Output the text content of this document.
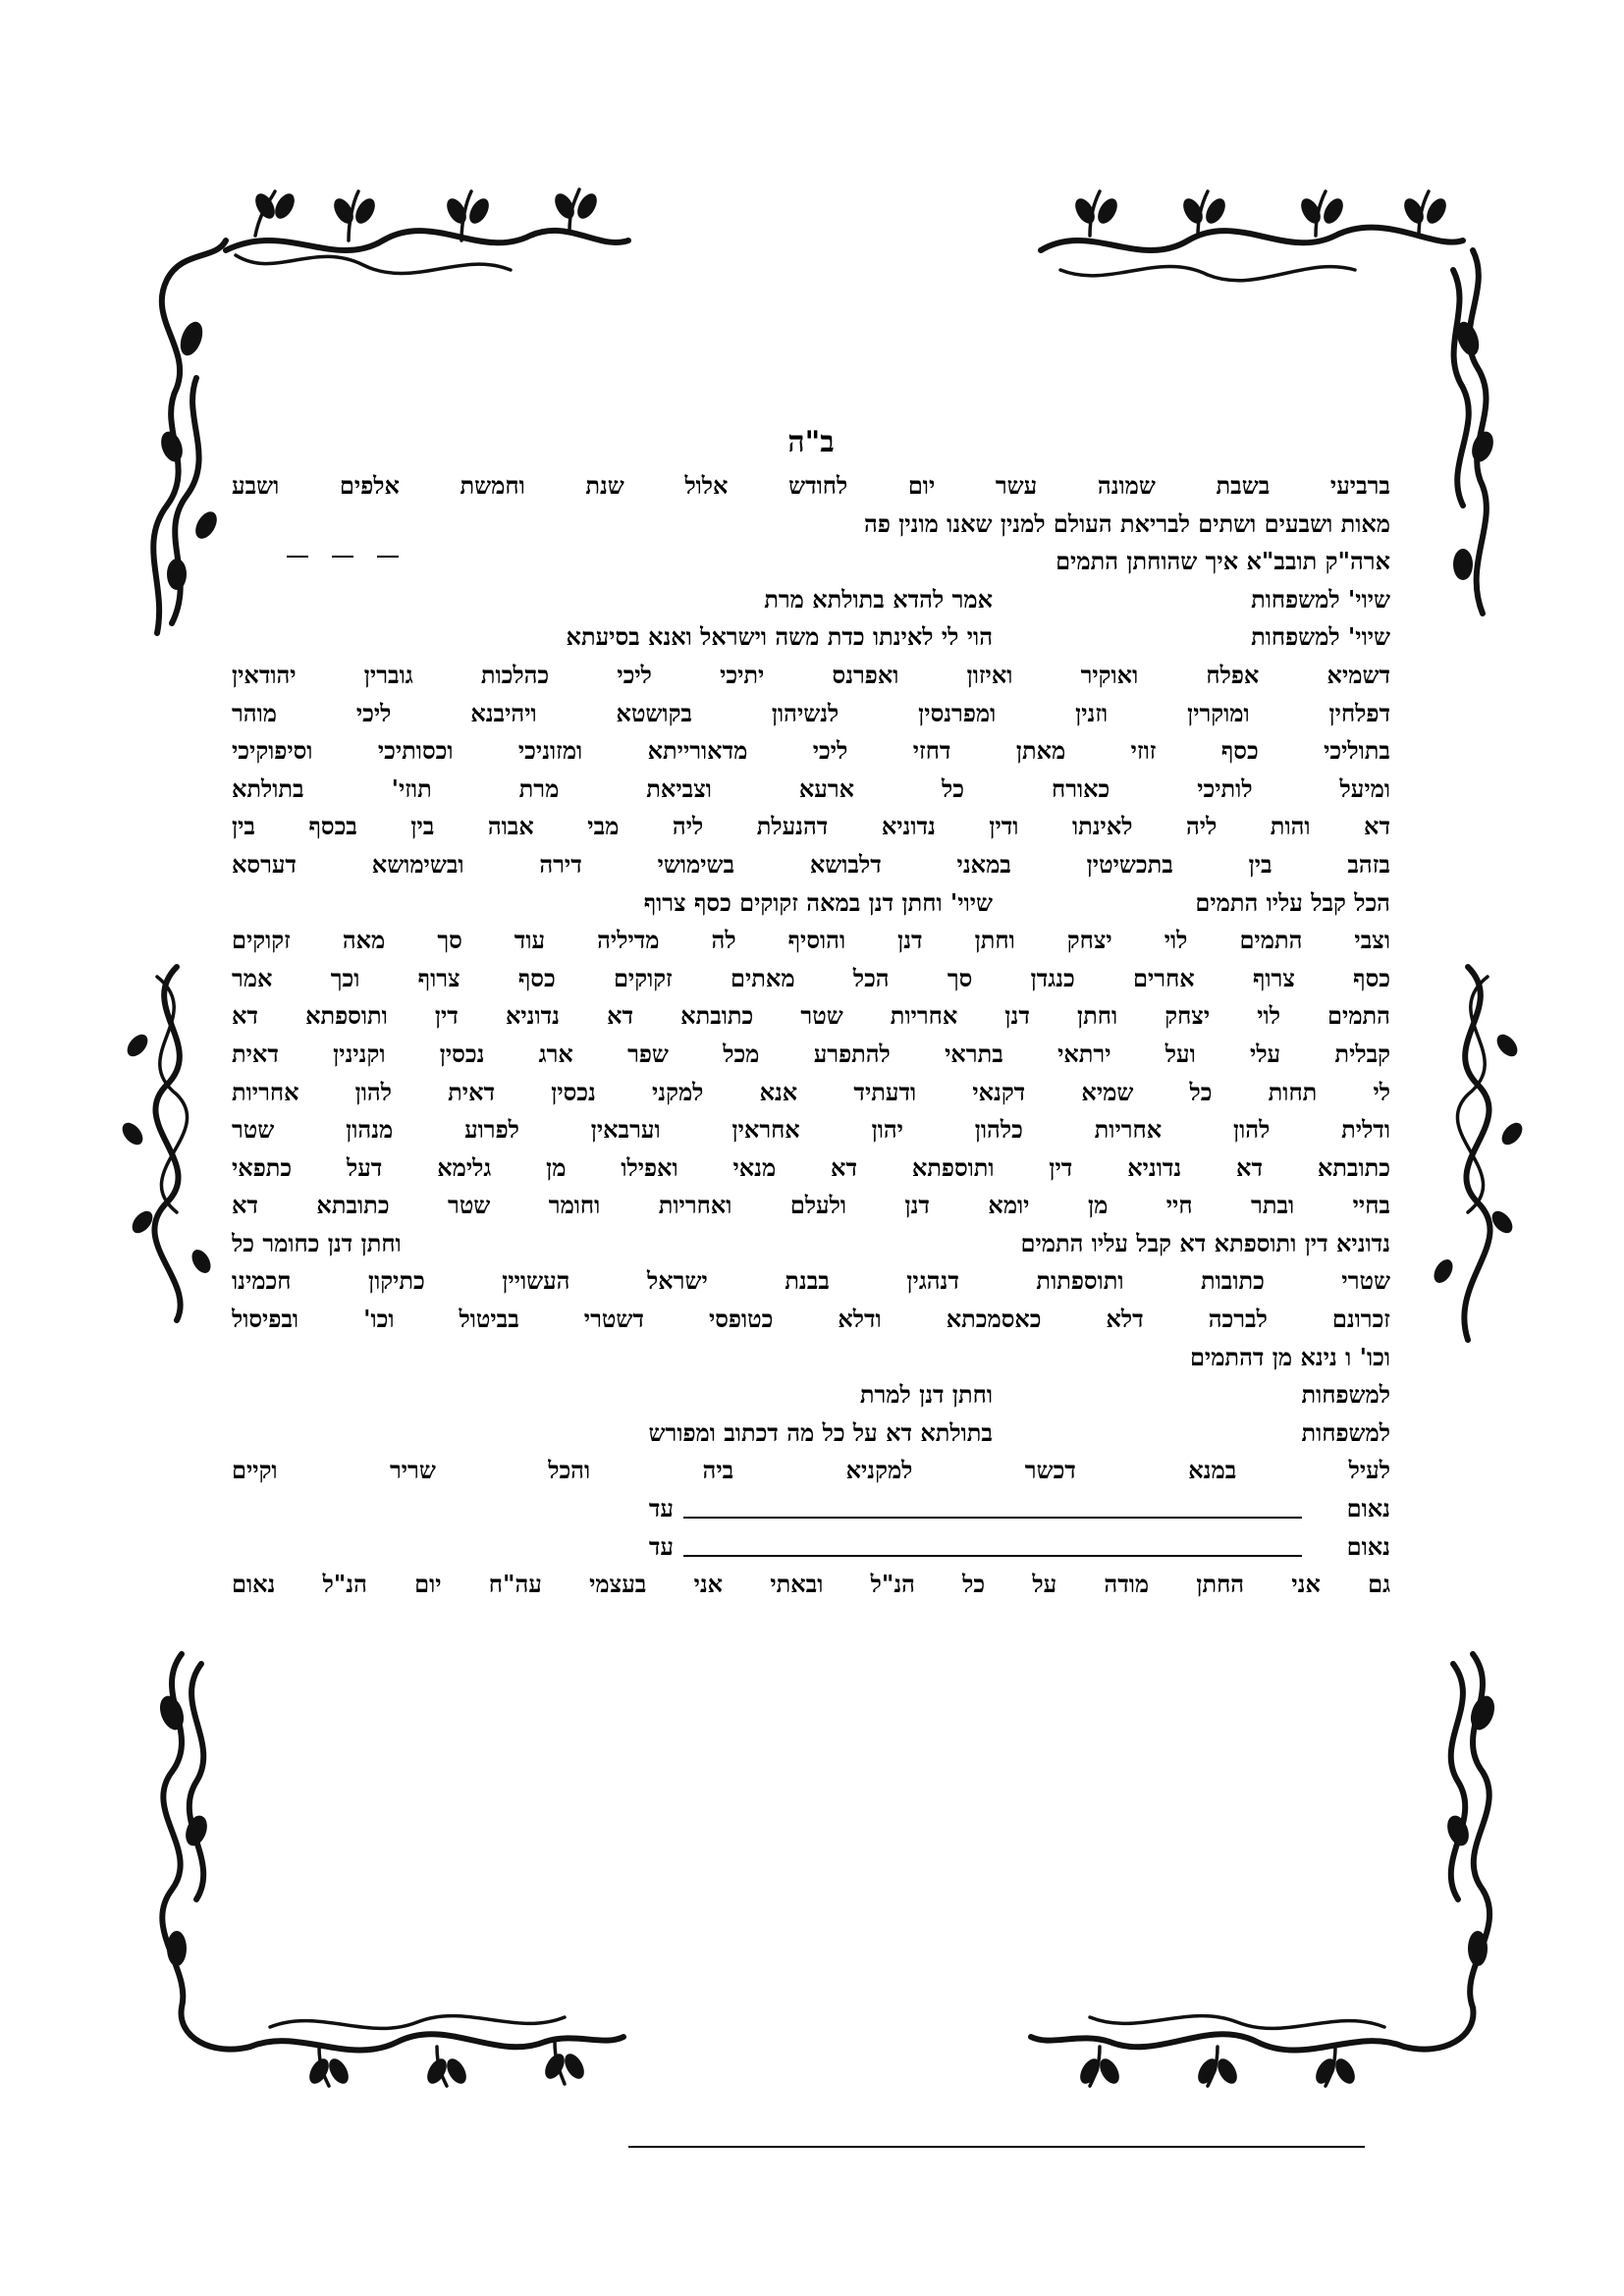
ב"ה
ברביעי בשבת שמונה עשר יום לחודש אלול שנת וחמשת אלפים ושבע
מאות ושבעים ושתים לבריאת העולם למנין שאנו מונין פה
ארה"ק תובב"א איך שהוחתן התמים
שיוי' למשפחות
אמר להדא בתולתא מרת
שיוי' למשפחות
הוי לי לאינתו כדת משה וישראל ואנא בסיעתא
דשמיא אפלח ואוקיר ואיזון ואפרנס יתיכי ליכי כהלכות גוברין יהודאין
דפלחין ומוקרין וזנין ומפרנסין לנשיהון בקושטא ויהיבנא ליכי מוהר
בתוליכי כסף זוזי מאתן דחזי ליכי מדאורייתא ומזוניכי וכסותיכי וסיפוקיכי
ומיעל לותיכי כאורח כל ארעא וצביאת מרת תוזי' בתולתא
דא והות ליה לאינתו ודין נדוניא דהנעלת ליה מבי אבוה בין בכסף בין
בזהב בין בתכשיטין במאני דלבושא בשימושי דירה ובשימושא דערסא
הכל קבל עליו התמים
שיוי' וחתן דנן במאה זקוקים כסף צרוף
וצבי התמים לוי יצחק וחתן דנן והוסיף לה מדיליה עוד סך מאה זקוקים
כסף צרוף אחרים כנגדן סך הכל מאתים זקוקים כסף צרוף וכך אמר
התמים לוי יצחק וחתן דנן אחריות שטר כתובתא דא נדוניא דין ותוספתא דא
קבלית עלי ועל ירתאי בתראי להתפרע מכל שפר ארג נכסין וקנינין דאית
לי תחות כל שמיא דקנאי ודעתיד אנא למקני נכסין דאית להון אחריות
ודלית להון אחריות כלהון יהון אחראין וערבאין לפרוע מנהון שטר
כתובתא דא נדוניא דין ותוספתא דא מנאי ואפילו מן גלימא דעל כתפאי
בחיי ובתר חיי מן יומא דנן ולעלם ואחריות וחומר שטר כתובתא דא
נדוניא דין ותוספתא דא קבל עליו התמים
וחתן דנן כחומר כל
שטרי כתובות ותוספתות דנהגין בבנת ישראל העשויין כתיקון חכמינו
זכרונם לברכה דלא כאסמכתא ודלא כטופסי דשטרי בביטול וכו' ובפיסול
וכו' ו נינא מן דהתמים
למשפחות
וחתן דנן למרת
למשפחות
בתולתא דא על כל מה דכתוב ומפורש
לעיל במנא דכשר למקניא ביה והכל שריר וקיים
נאום
עד
נאום
עד
גם אני החתן מודה על כל הנ"ל ובאתי אני בעצמי עה"ח יום הנ"ל נאום
